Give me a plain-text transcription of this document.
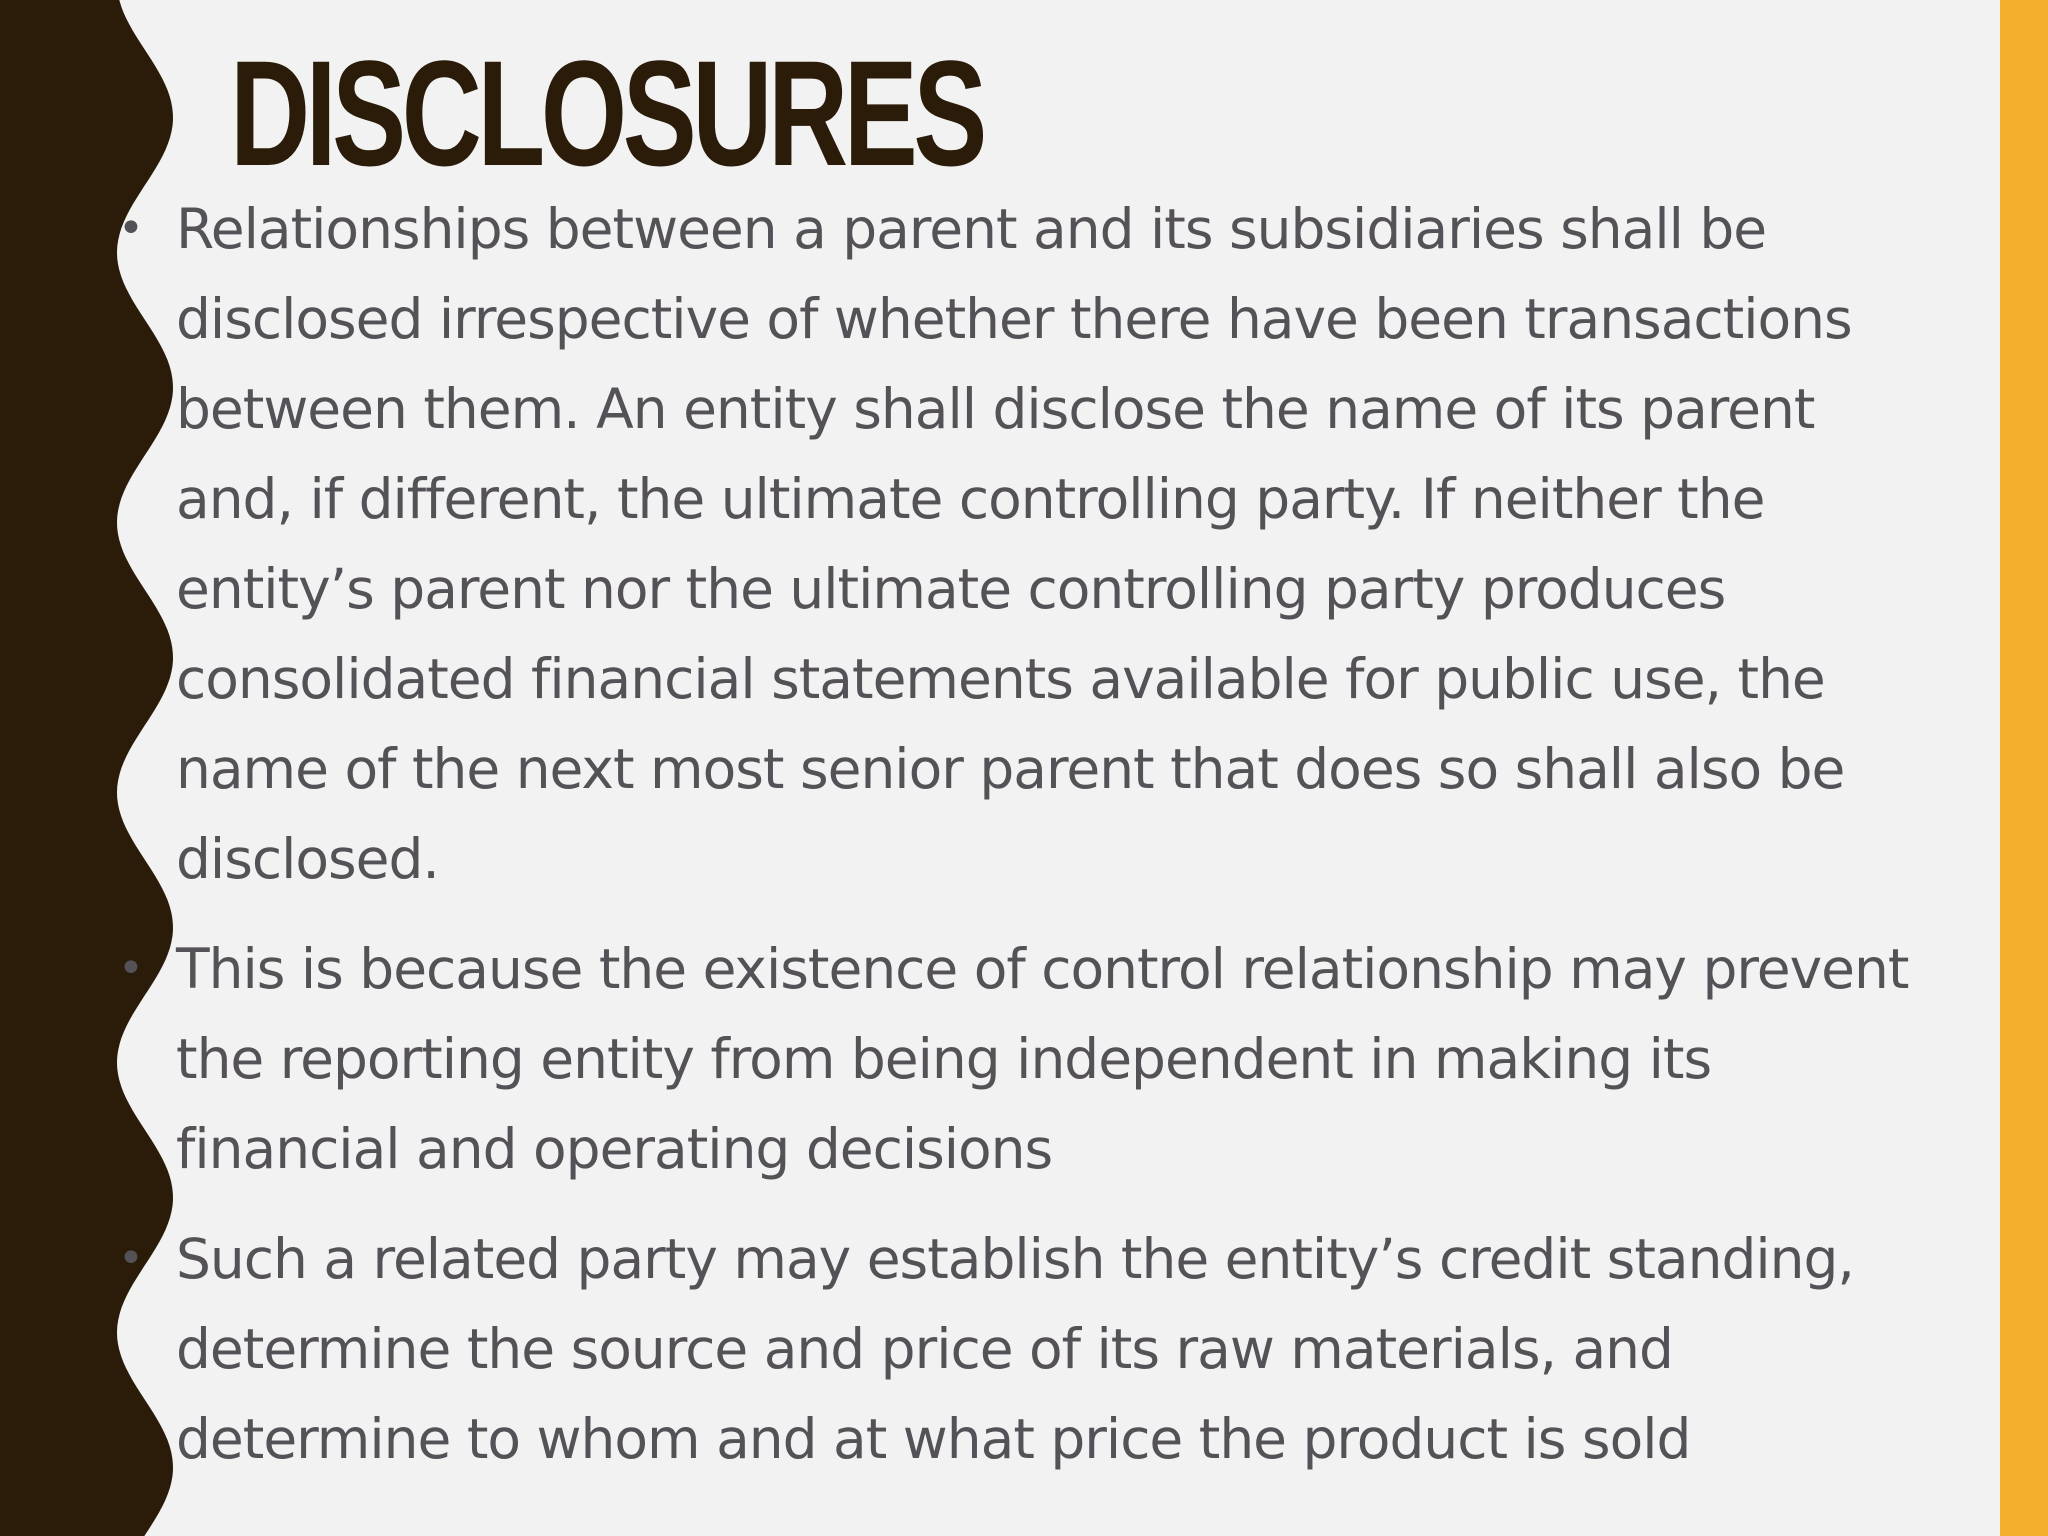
DISCLOSURES
• Relationships between a parent and its subsidiaries shall be disclosed irrespective of whether there have been transactions between them. An entity shall disclose the name of its parent and, if different, the ultimate controlling party. If neither the entity’s parent nor the ultimate controlling party produces consolidated financial statements available for public use, the name of the next most senior parent that does so shall also be disclosed.
• This is because the existence of control relationship may prevent the reporting entity from being independent in making its financial and operating decisions
• Such a related party may establish the entity’s credit standing, determine the source and price of its raw materials, and determine to whom and at what price the product is sold
